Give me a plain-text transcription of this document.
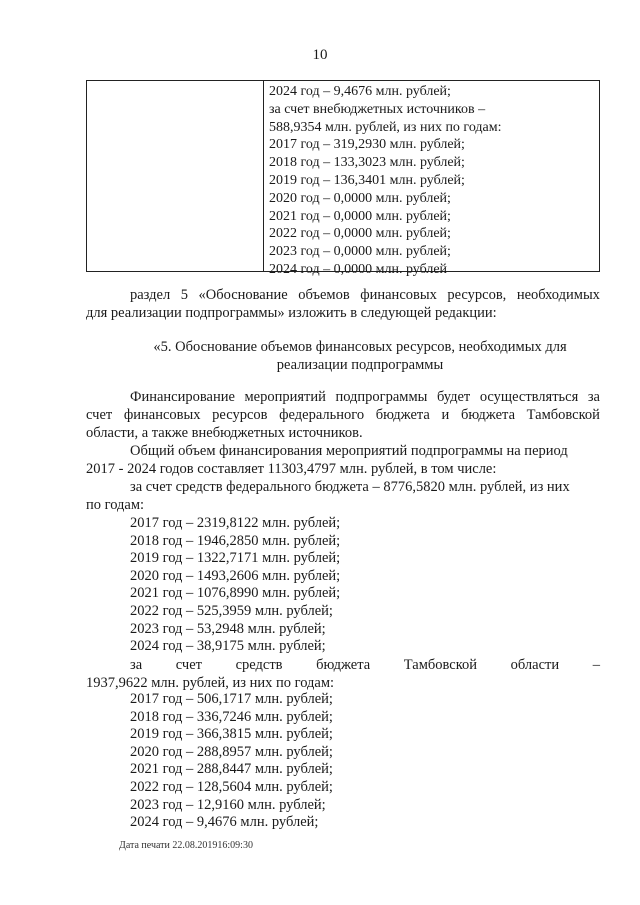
10
2024 год – 9,4676 млн. рублей;
за счет внебюджетных источников –
588,9354 млн. рублей, из них по годам:
2017 год – 319,2930 млн. рублей;
2018 год – 133,3023 млн. рублей;
2019 год – 136,3401 млн. рублей;
2020 год – 0,0000 млн. рублей;
2021 год – 0,0000 млн. рублей;
2022 год – 0,0000 млн. рублей;
2023 год – 0,0000 млн. рублей;
2024 год – 0,0000 млн. рублей
раздел 5 «Обоснование объемов финансовых ресурсов, необходимых
для реализации подпрограммы» изложить в следующей редакции:
«5. Обоснование объемов финансовых ресурсов, необходимых для
реализации подпрограммы
Финансирование мероприятий подпрограммы будет осуществляться за
счет финансовых ресурсов федерального бюджета и бюджета Тамбовской
области, а также внебюджетных источников.
Общий объем финансирования мероприятий подпрограммы на период
2017 - 2024 годов составляет 11303,4797 млн. рублей, в том числе:
за счет средств федерального бюджета – 8776,5820 млн. рублей, из них
по годам:
2017 год – 2319,8122 млн. рублей;
2018 год – 1946,2850 млн. рублей;
2019 год – 1322,7171 млн. рублей;
2020 год – 1493,2606 млн. рублей;
2021 год – 1076,8990 млн. рублей;
2022 год – 525,3959 млн. рублей;
2023 год – 53,2948 млн. рублей;
2024 год – 38,9175 млн. рублей;
за счет средств бюджета Тамбовской области –
1937,9622 млн. рублей, из них по годам:
2017 год – 506,1717 млн. рублей;
2018 год – 336,7246 млн. рублей;
2019 год – 366,3815 млн. рублей;
2020 год – 288,8957 млн. рублей;
2021 год – 288,8447 млн. рублей;
2022 год – 128,5604 млн. рублей;
2023 год – 12,9160 млн. рублей;
2024 год – 9,4676 млн. рублей;
Дата печати 22.08.201916:09:30
